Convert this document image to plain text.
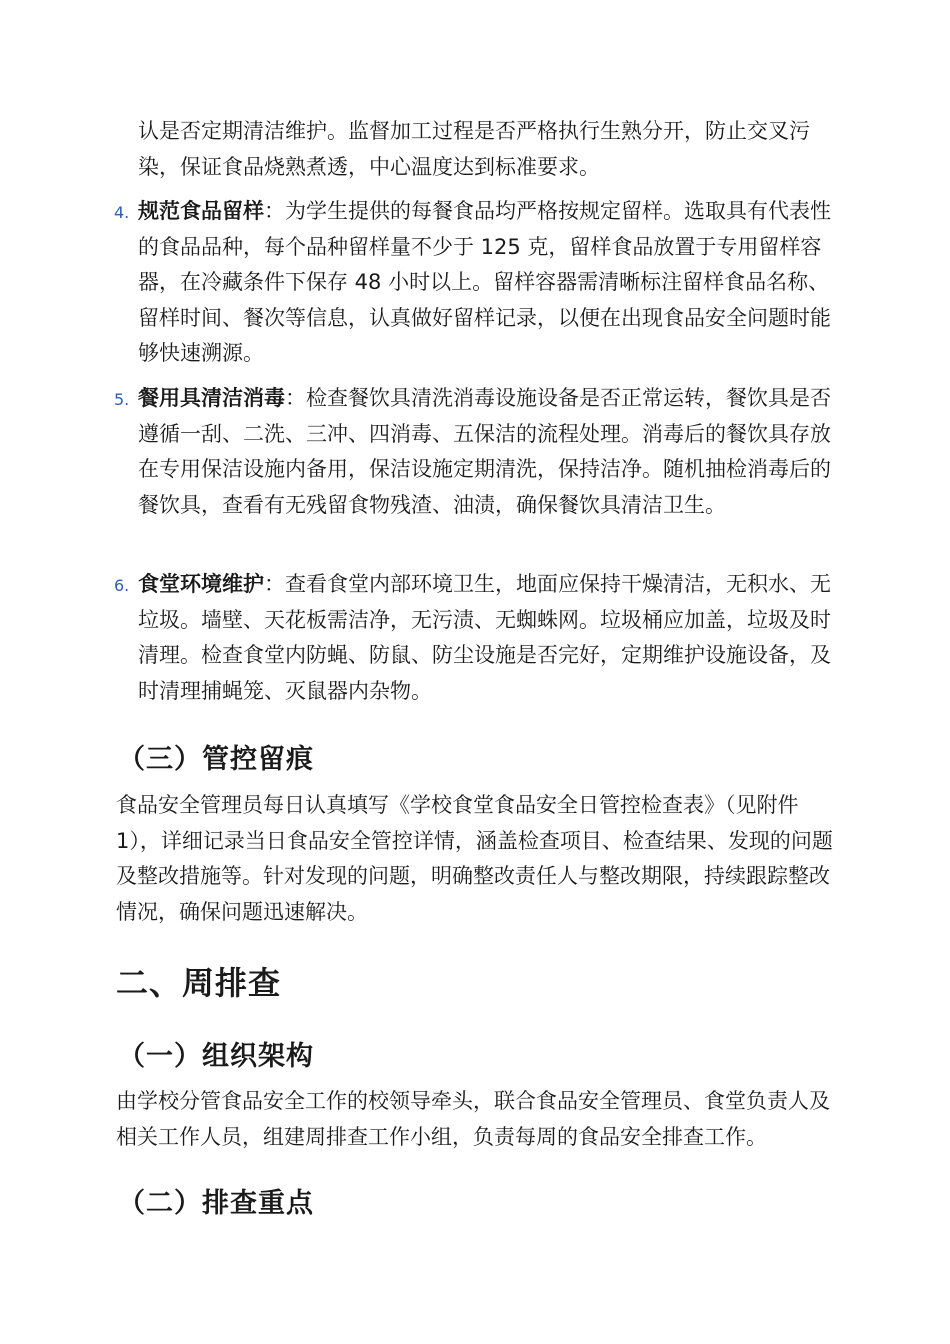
认是否定期清洁维护。监督加工过程是否严格执行生熟分开，防止交叉污染，保证食品烧熟煮透，中心温度达到标准要求。

4. 规范食品留样：为学生提供的每餐食品均严格按规定留样。选取具有代表性的食品品种，每个品种留样量不少于 125 克，留样食品放置于专用留样容器，在冷藏条件下保存 48 小时以上。留样容器需清晰标注留样食品名称、留样时间、餐次等信息，认真做好留样记录，以便在出现食品安全问题时能够快速溯源。

5. 餐用具清洁消毒：检查餐饮具清洗消毒设施设备是否正常运转，餐饮具是否遵循一刮、二洗、三冲、四消毒、五保洁的流程处理。消毒后的餐饮具存放在专用保洁设施内备用，保洁设施定期清洗，保持洁净。随机抽检消毒后的餐饮具，查看有无残留食物残渣、油渍，确保餐饮具清洁卫生。

6. 食堂环境维护：查看食堂内部环境卫生，地面应保持干燥清洁，无积水、无垃圾。墙壁、天花板需洁净，无污渍、无蜘蛛网。垃圾桶应加盖，垃圾及时清理。检查食堂内防蝇、防鼠、防尘设施是否完好，定期维护设施设备，及时清理捕蝇笼、灭鼠器内杂物。

（三）管控留痕

食品安全管理员每日认真填写《学校食堂食品安全日管控检查表》（见附件 1），详细记录当日食品安全管控详情，涵盖检查项目、检查结果、发现的问题及整改措施等。针对发现的问题，明确整改责任人与整改期限，持续跟踪整改情况，确保问题迅速解决。

二、周排查
（一）组织架构

由学校分管食品安全工作的校领导牵头，联合食品安全管理员、食堂负责人及相关工作人员，组建周排查工作小组，负责每周的食品安全排查工作。

（二）排查重点
